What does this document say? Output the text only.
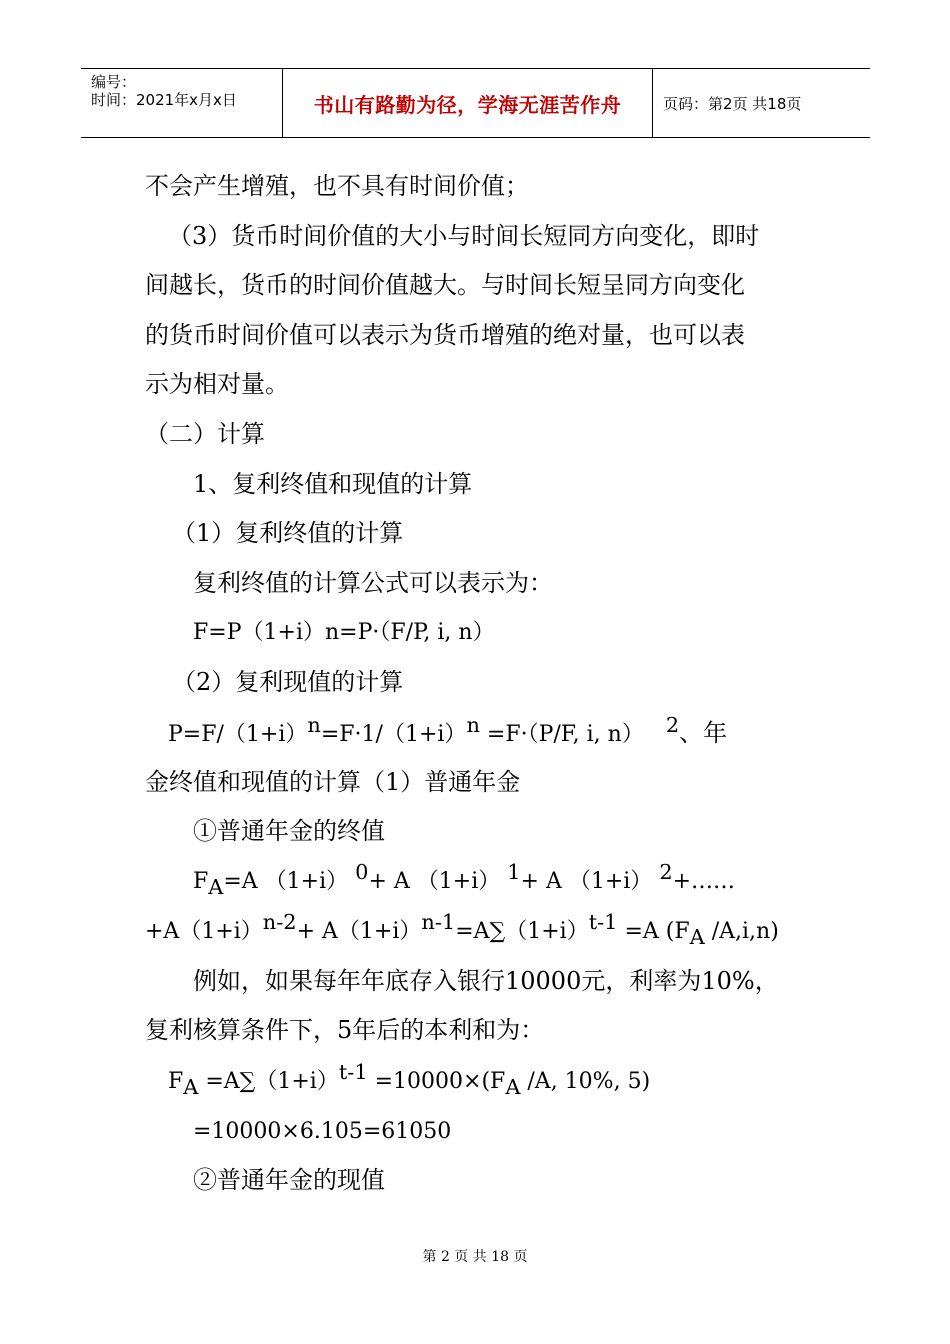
编号：
时间：2021年x月x日	书山有路勤为径，学海无涯苦作舟	页码：第2页 共18页
不会产生增殖，也不具有时间价值；
（3）货币时间价值的大小与时间长短同方向变化，即时
间越长，货币的时间价值越大。与时间长短呈同方向变化
的货币时间价值可以表示为货币增殖的绝对量，也可以表
示为相对量。
（二）计算
1、复利终值和现值的计算
（1）复利终值的计算
复利终值的计算公式可以表示为：
F=P（1+i）n=P·（F/P, i, n）
（2）复利现值的计算
$P=F/(1+i)^n=F\cdot 1/(1+i)^n =F\cdot(P/F$, i, n）  $^2$、年
金终值和现值的计算（1）普通年金
①普通年金的终值
$F_A=A$ （1+i） $^0$+ A （1+i） $^1$+ A （1+i） $^2$+……
$+A(1+i)^{n-2}+ A(1+i)^{n-1}=A\sum(1+i)^{t-1} =A$ ($F_A$ /A,i,n)
例如，如果每年年底存入银行10000元，利率为10%，
复利核算条件下，5年后的本利和为：
$F_A =A\sum(1+i)^{t-1} =10000\times(F_A$ /A, 10%, 5)
=10000×6.105=61050
②普通年金的现值
第 2 页 共 18 页
